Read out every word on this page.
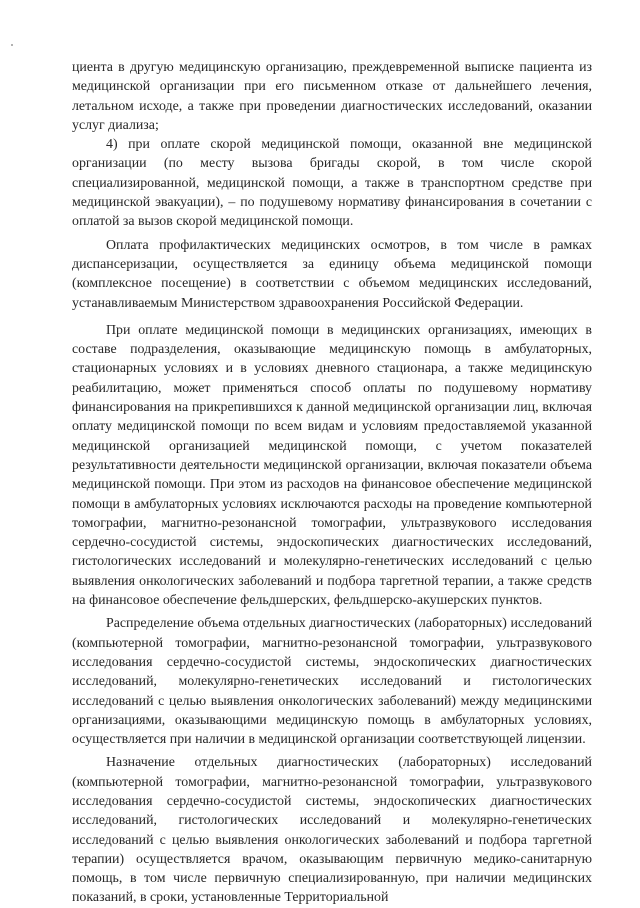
циента в другую медицинскую организацию, преждевременной выписке пациента из медицинской организации при его письменном отказе от дальнейшего лечения, летальном исходе, а также при проведении диагностических исследований, оказании услуг диализа;

4) при оплате скорой медицинской помощи, оказанной вне медицинской организации (по месту вызова бригады скорой, в том числе скорой специализированной, медицинской помощи, а также в транспортном средстве при медицинской эвакуации), – по подушевому нормативу финансирования в сочетании с оплатой за вызов скорой медицинской помощи.

Оплата профилактических медицинских осмотров, в том числе в рамках диспансеризации, осуществляется за единицу объема медицинской помощи (комплексное посещение) в соответствии с объемом медицинских исследований, устанавливаемым Министерством здравоохранения Российской Федерации.

При оплате медицинской помощи в медицинских организациях, имеющих в составе подразделения, оказывающие медицинскую помощь в амбулаторных, стационарных условиях и в условиях дневного стационара, а также медицинскую реабилитацию, может применяться способ оплаты по подушевому нормативу финансирования на прикрепившихся к данной медицинской организации лиц, включая оплату медицинской помощи по всем видам и условиям предоставляемой указанной медицинской организацией медицинской помощи, с учетом показателей результативности деятельности медицинской организации, включая показатели объема медицинской помощи. При этом из расходов на финансовое обеспечение медицинской помощи в амбулаторных условиях исключаются расходы на проведение компьютерной томографии, магнитно-резонансной томографии, ультразвукового исследования сердечно-сосудистой системы, эндоскопических диагностических исследований, гистологических исследований и молекулярно-генетических исследований с целью выявления онкологических заболеваний и подбора таргетной терапии, а также средств на финансовое обеспечение фельдшерских, фельдшерско-акушерских пунктов.

Распределение объема отдельных диагностических (лабораторных) исследований (компьютерной томографии, магнитно-резонансной томографии, ультразвукового исследования сердечно-сосудистой системы, эндоскопических диагностических исследований, молекулярно-генетических исследований и гистологических исследований с целью выявления онкологических заболеваний) между медицинскими организациями, оказывающими медицинскую помощь в амбулаторных условиях, осуществляется при наличии в медицинской организации соответствующей лицензии.

Назначение отдельных диагностических (лабораторных) исследований (компьютерной томографии, магнитно-резонансной томографии, ультразвукового исследования сердечно-сосудистой системы, эндоскопических диагностических исследований, гистологических исследований и молекулярно-генетических исследований с целью выявления онкологических заболеваний и подбора таргетной терапии) осуществляется врачом, оказывающим первичную медико-санитарную помощь, в том числе первичную специализированную, при наличии медицинских показаний, в сроки, установленные Территориальной
